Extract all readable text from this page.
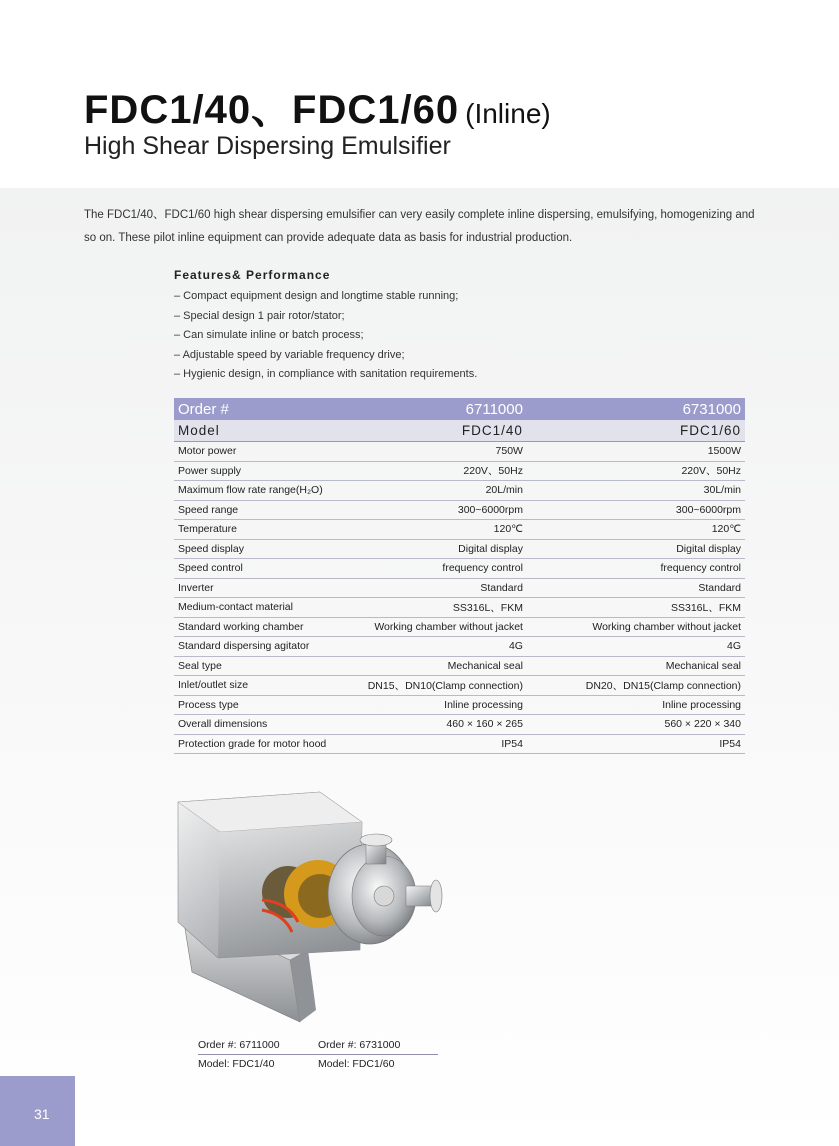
FDC1/40、FDC1/60 (Inline)
High Shear Dispersing Emulsifier
The FDC1/40、FDC1/60 high shear dispersing emulsifier can very easily complete inline dispersing, emulsifying, homogenizing and so on. These pilot inline equipment can provide adequate data as basis for industrial production.
Features& Performance
– Compact equipment design and longtime stable running;
– Special design 1 pair rotor/stator;
– Can simulate inline or batch process;
– Adjustable speed by variable frequency drive;
– Hygienic design, in compliance with sanitation requirements.
Order #	6711000	6731000
Model	FDC1/40	FDC1/60
Motor power	750W	1500W
Power supply	220V、50Hz	220V、50Hz
Maximum flow rate range(H₂O)	20L/min	30L/min
Speed range	300~6000rpm	300~6000rpm
Temperature	120℃	120℃
Speed display	Digital display	Digital display
Speed control	frequency control	frequency control
Inverter	Standard	Standard
Medium-contact material	SS316L、FKM	SS316L、FKM
Standard working chamber	Working chamber without jacket	Working chamber without jacket
Standard dispersing agitator	4G	4G
Seal type	Mechanical seal	Mechanical seal
Inlet/outlet size	DN15、DN10(Clamp connection)	DN20、DN15(Clamp connection)
Process type	Inline processing	Inline processing
Overall dimensions	460 × 160 × 265	560 × 220 × 340
Protection grade for motor hood	IP54	IP54
Order #: 6711000	Order #: 6731000
Model: FDC1/40	Model: FDC1/60
31
